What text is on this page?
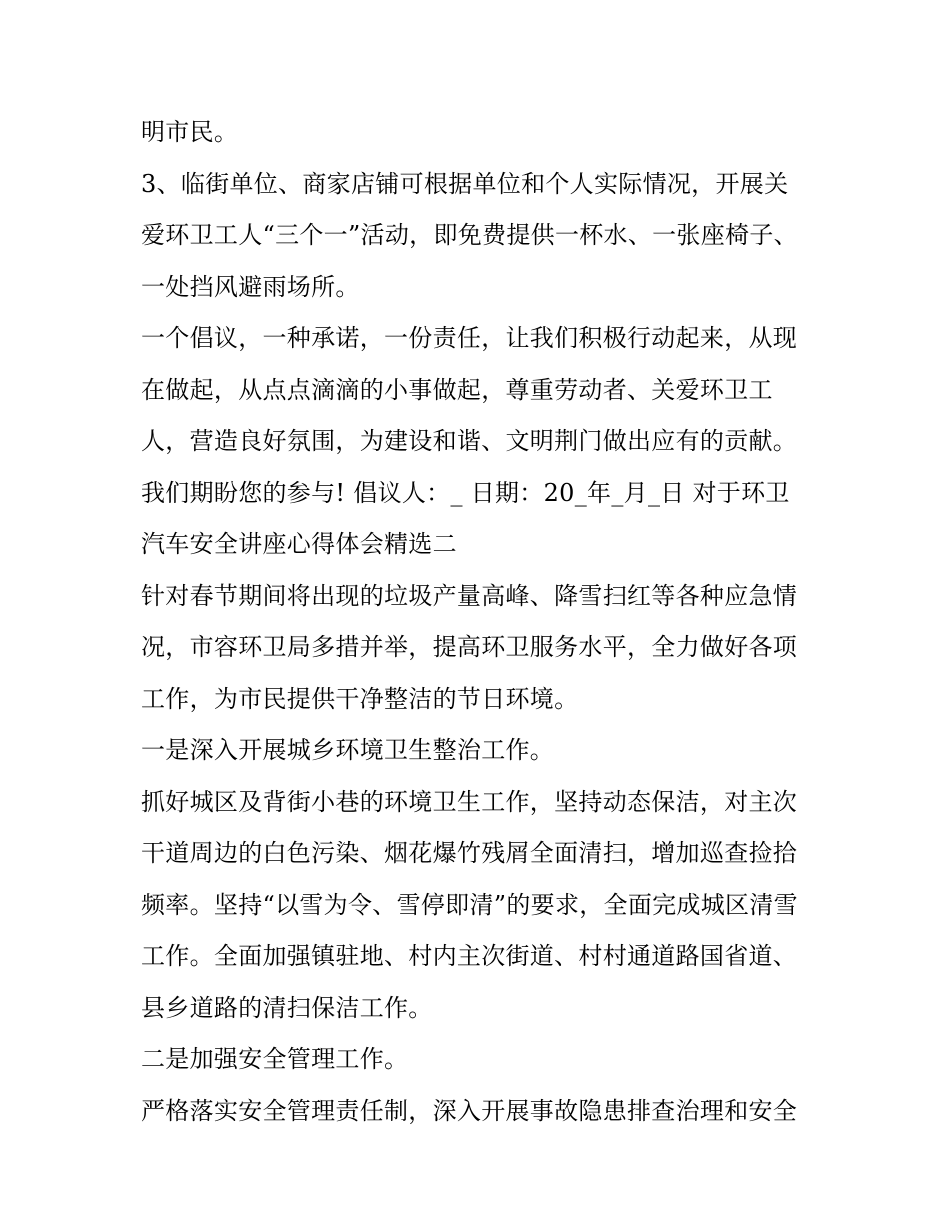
明市民。
3、临街单位、商家店铺可根据单位和个人实际情况，开展关
爱环卫工人“三个一”活动，即免费提供一杯水、一张座椅子、
一处挡风避雨场所。
一个倡议，一种承诺，一份责任，让我们积极行动起来，从现
在做起，从点点滴滴的小事做起，尊重劳动者、关爱环卫工
人，营造良好氛围，为建设和谐、文明荆门做出应有的贡献。
我们期盼您的参与! 倡议人：_ 日期：20_年_月_日 对于环卫
汽车安全讲座心得体会精选二
针对春节期间将出现的垃圾产量高峰、降雪扫红等各种应急情
况，市容环卫局多措并举，提高环卫服务水平，全力做好各项
工作，为市民提供干净整洁的节日环境。
一是深入开展城乡环境卫生整治工作。
抓好城区及背街小巷的环境卫生工作，坚持动态保洁，对主次
干道周边的白色污染、烟花爆竹残屑全面清扫，增加巡查捡拾
频率。坚持“以雪为令、雪停即清”的要求，全面完成城区清雪
工作。全面加强镇驻地、村内主次街道、村村通道路国省道、
县乡道路的清扫保洁工作。
二是加强安全管理工作。
严格落实安全管理责任制，深入开展事故隐患排查治理和安全
